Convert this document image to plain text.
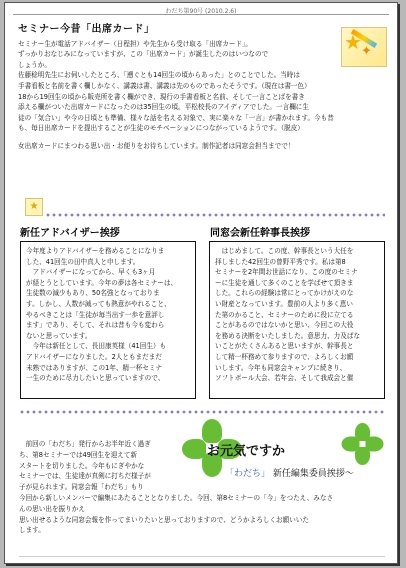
わだち第90号 (2010.2.6)
★ ✦
セミナー今昔「出席カード」
セミナー生が電話アドバイザー（日程担）や先生から受け取る「出席カード」。
ずっかりおなじみになっていますが、この「出席カード」が誕生したのはいつなので
しょうか。
佐藤稔明先生にお伺いしたところ、「遡ぐとも14回生の頃からあった」とのことでした。当時は
手書看板と名前を書く欄しかなく、講義は書、講義は先のものであったそうです。（現在は書一色）
18から19回生の頃から販売所を書く欄ができ、現行の手書看板と名前、そして一言ことばを書き
添える欄がついた出席カードになったのは35回生の頃。平松校長のアイディアでした。一言欄に生
徒の「気合い」や今の日頃とも準備、様々な話を名える対象で、実に楽々な「一言」が書かれます。今も昔
も、毎日出席カードを提出することが生徒のモチベーションにつながっているようです。（脱皮）
女出席カードにまつわる思い出・お便りをお待ちしています。制作記者は同窓会担当までで！
★
新任アドバイザー挨拶	同窓会新任幹事長挨拶
今年度よりアドバイザーを務めることになりま
した、41回生の田中真人と申します。
　アドバイザーになってから、早くも3ヶ月
が経とうとしています。今年の夢は各セミナーは、
生徒数の減少もあり、50名強となっておりま
す。しかし、人数が減っても熱意がやれること、
やるべきことは「生徒が毎当出す一歩を意評し
ます」であり、そして、それは昔も今も変わら
ないと思っています。
　今年は新任として、長田康英様（41回生）も
アドバイザーになりました。2人ともまだまだ
未熟ではありますが、この1年、精一杯セミナ
一生のために尽力したいと思っていますので、
　はじめまして。この度、幹事長という大任を
拝しました42回生の曾野平秀です。私は第8
セミナーを2年間お世話になり、この度のセミナ
ーに生徒を通して多くのことを学ばせて頂きま
した。これらの経験は常にとってかけがえのな
い財産となっています。豊前の人より多く恵い
た第のかること、セミナーのために役に立てる
ことがあるのではないかと思い、今回この大役
を務める決断をいたしました。意思力、力及ばな
いことがたくさんあると思いますが、幹事長と
して精一杯務めて参りますので、よろしくお願
いします。今年も同窓会キャンプに続きり、
ソフトボール大会、若年会、そして我成会と催
お元気ですか
「わだち」 新任編集委員挨拶〜
　前回の「わだち」発行からお半年近く過ぎ
ち、第8セミナーでは49回生を迎えて新
スタートを切りました。今年もにぎやかな
セミナーでは、生徒達が真剣に打ちだ様子が
子が見られます。同窓会報「わだち」もり
今回から新しいメンバーで編集にあたることとなりました。今回、第8セミナーの「今」をつたえ、みなさ
んの思い出を振りかえ
思い出せるような同窓会報を作ってまいりたいと思っておりますので、どうかよろしくお願いいた
します。
